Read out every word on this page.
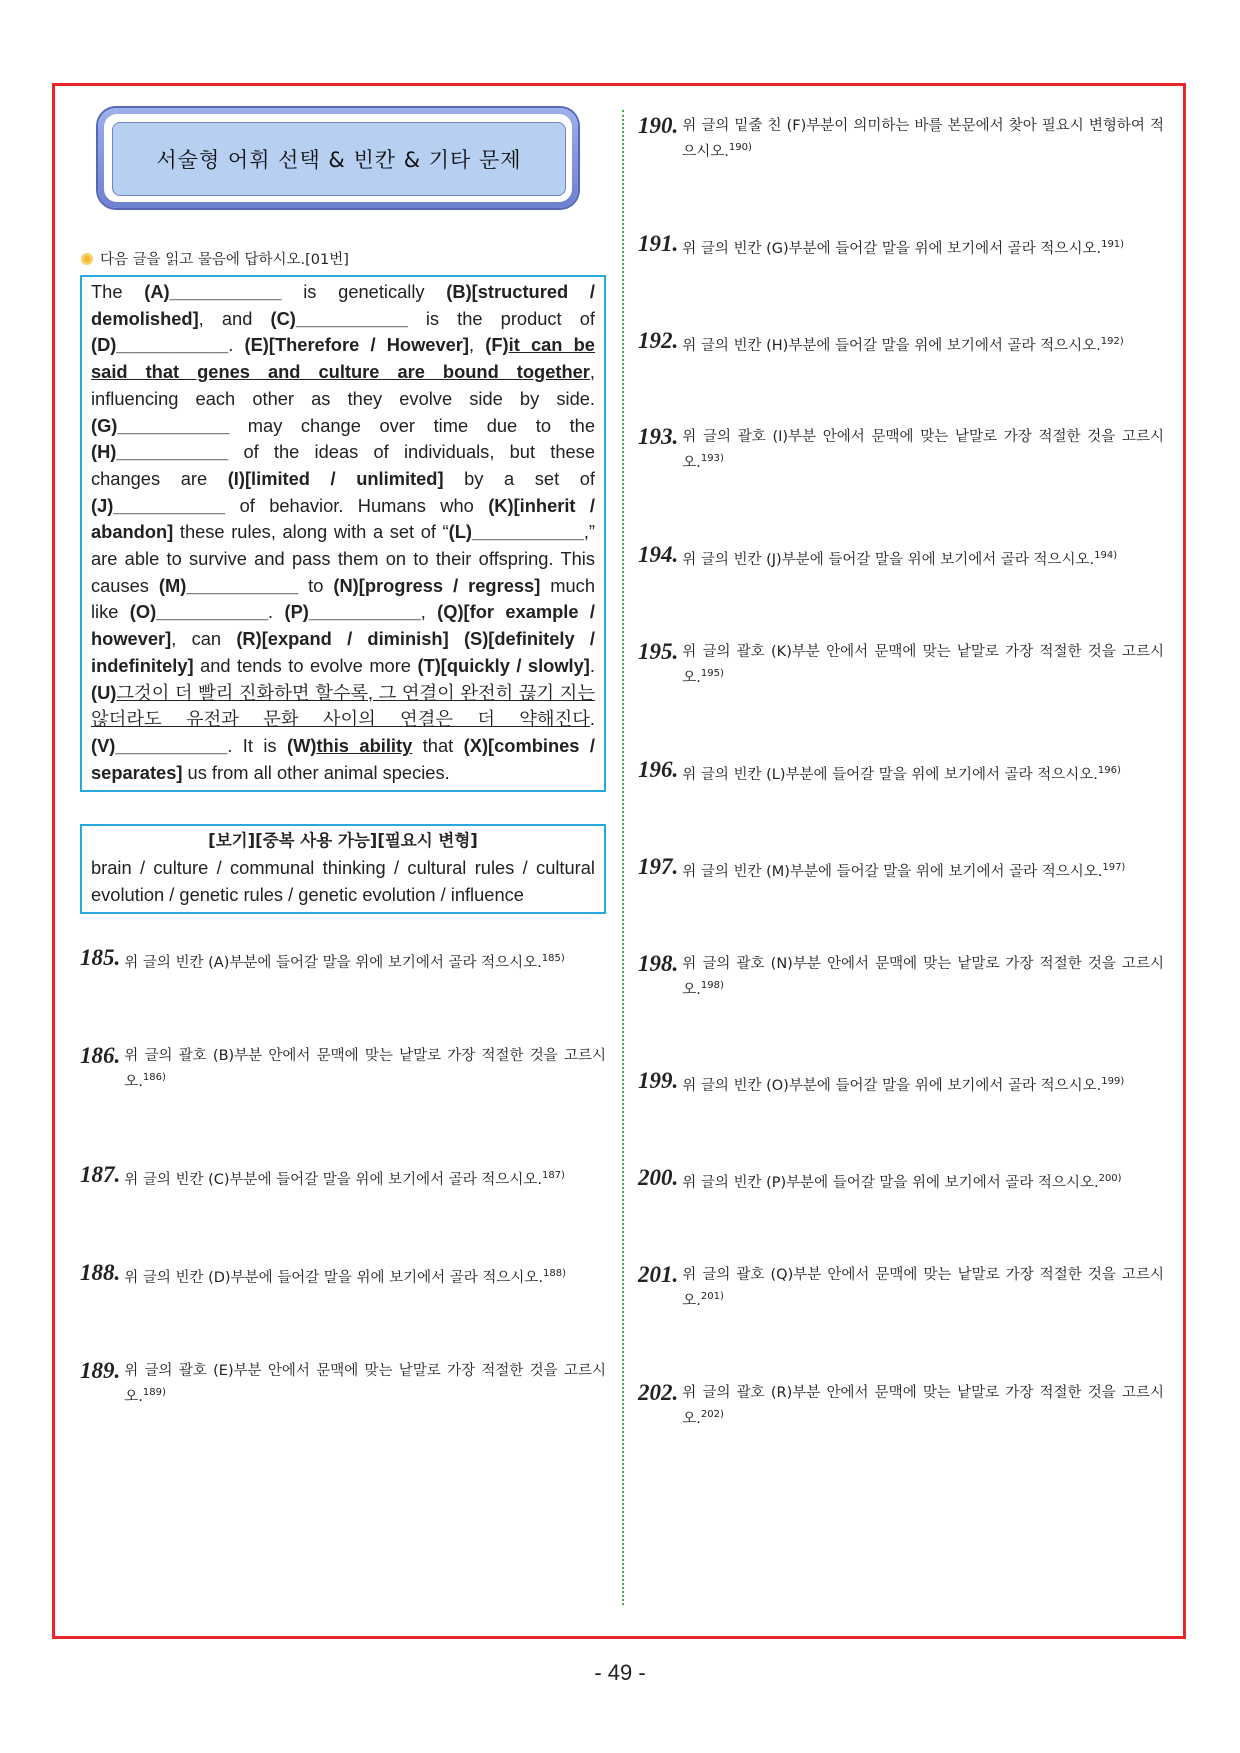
서술형 어휘 선택 & 빈칸 & 기타 문제
다음 글을 읽고 물음에 답하시오.[01번]
The (A)___________ is genetically (B)[structured / demolished], and (C)___________ is the product of (D)___________. (E)[Therefore / However], (F)it can be said that genes and culture are bound together, influencing each other as they evolve side by side. (G)___________ may change over time due to the (H)___________ of the ideas of individuals, but these changes are (I)[limited / unlimited] by a set of (J)___________ of behavior. Humans who (K)[inherit / abandon] these rules, along with a set of “(L)___________,” are able to survive and pass them on to their offspring. This causes (M)___________ to (N)[progress / regress] much like (O)___________. (P)___________, (Q)[for example / however], can (R)[expand / diminish] (S)[definitely / indefinitely] and tends to evolve more (T)[quickly / slowly]. (U)그것이 더 빨리 진화하면 할수록, 그 연결이 완전히 끊기 지는 않더라도 유전과 문화 사이의 연결은 더 약해진다. (V)___________. It is (W)this ability that (X)[combines / separates] us from all other animal species.
[보기][중복 사용 가능][필요시 변형]
brain / culture / communal thinking / cultural rules / cultural evolution / genetic rules / genetic evolution / influence
185. 위 글의 빈칸 (A)부분에 들어갈 말을 위에 보기에서 골라 적으시오.$^{185)}$
186. 위 글의 괄호 (B)부분 안에서 문맥에 맞는 낱말로 가장 적절한 것을 고르시오.$^{186)}$
187. 위 글의 빈칸 (C)부분에 들어갈 말을 위에 보기에서 골라 적으시오.$^{187)}$
188. 위 글의 빈칸 (D)부분에 들어갈 말을 위에 보기에서 골라 적으시오.$^{188)}$
189. 위 글의 괄호 (E)부분 안에서 문맥에 맞는 낱말로 가장 적절한 것을 고르시오.$^{189)}$
190. 위 글의 밑줄 친 (F)부분이 의미하는 바를 본문에서 찾아 필요시 변형하여 적으시오.$^{190)}$
191. 위 글의 빈칸 (G)부분에 들어갈 말을 위에 보기에서 골라 적으시오.$^{191)}$
192. 위 글의 빈칸 (H)부분에 들어갈 말을 위에 보기에서 골라 적으시오.$^{192)}$
193. 위 글의 괄호 (I)부분 안에서 문맥에 맞는 낱말로 가장 적절한 것을 고르시오.$^{193)}$
194. 위 글의 빈칸 (J)부분에 들어갈 말을 위에 보기에서 골라 적으시오.$^{194)}$
195. 위 글의 괄호 (K)부분 안에서 문맥에 맞는 낱말로 가장 적절한 것을 고르시오.$^{195)}$
196. 위 글의 빈칸 (L)부분에 들어갈 말을 위에 보기에서 골라 적으시오.$^{196)}$
197. 위 글의 빈칸 (M)부분에 들어갈 말을 위에 보기에서 골라 적으시오.$^{197)}$
198. 위 글의 괄호 (N)부분 안에서 문맥에 맞는 낱말로 가장 적절한 것을 고르시오.$^{198)}$
199. 위 글의 빈칸 (O)부분에 들어갈 말을 위에 보기에서 골라 적으시오.$^{199)}$
200. 위 글의 빈칸 (P)부분에 들어갈 말을 위에 보기에서 골라 적으시오.$^{200)}$
201. 위 글의 괄호 (Q)부분 안에서 문맥에 맞는 낱말로 가장 적절한 것을 고르시오.$^{201)}$
202. 위 글의 괄호 (R)부분 안에서 문맥에 맞는 낱말로 가장 적절한 것을 고르시오.$^{202)}$
- 49 -
